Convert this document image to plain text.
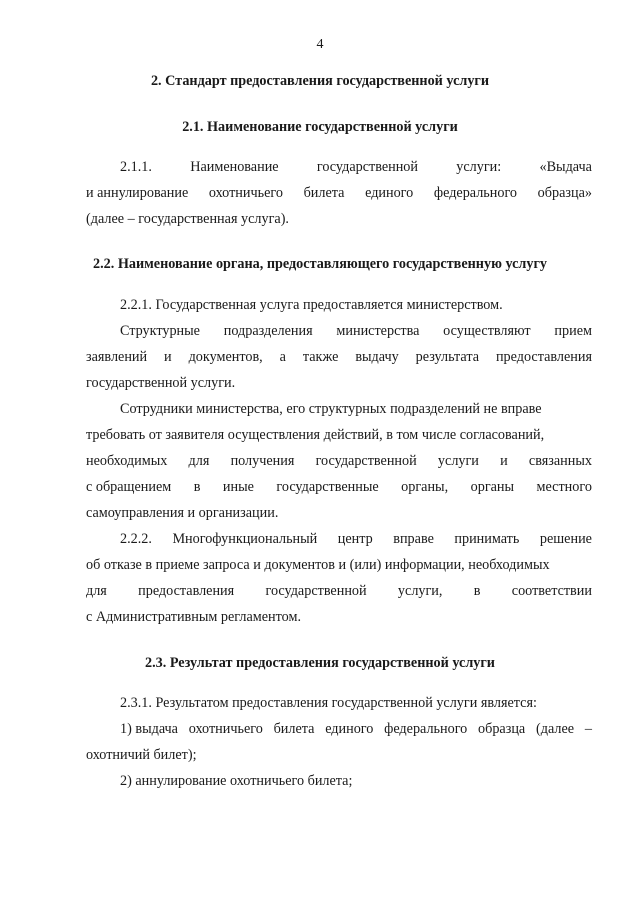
4
2. Стандарт предоставления государственной услуги
2.1. Наименование государственной услуги
2.1.1.	Наименование	государственной	услуги:	«Выдача
и аннулирование охотничьего билета единого федерального образца»
(далее – государственная услуга).
2.2. Наименование органа, предоставляющего государственную услугу
2.2.1. Государственная услуга предоставляется министерством.
Структурные подразделения министерства осуществляют прием
заявлений и документов, а также выдачу результата предоставления
государственной услуги.
Сотрудники министерства, его структурных подразделений не вправе
требовать от заявителя осуществления действий, в том числе согласований,
необходимых для получения государственной услуги и связанных
с обращением в иные государственные органы, органы местного
самоуправления и организации.
2.2.2. Многофункциональный центр вправе принимать решение
об отказе в приеме запроса и документов и (или) информации, необходимых
для предоставления государственной услуги, в соответствии
с Административным регламентом.
2.3. Результат предоставления государственной услуги
2.3.1. Результатом предоставления государственной услуги является:
1) выдача охотничьего билета единого федерального образца (далее –
охотничий билет);
2) аннулирование охотничьего билета;
